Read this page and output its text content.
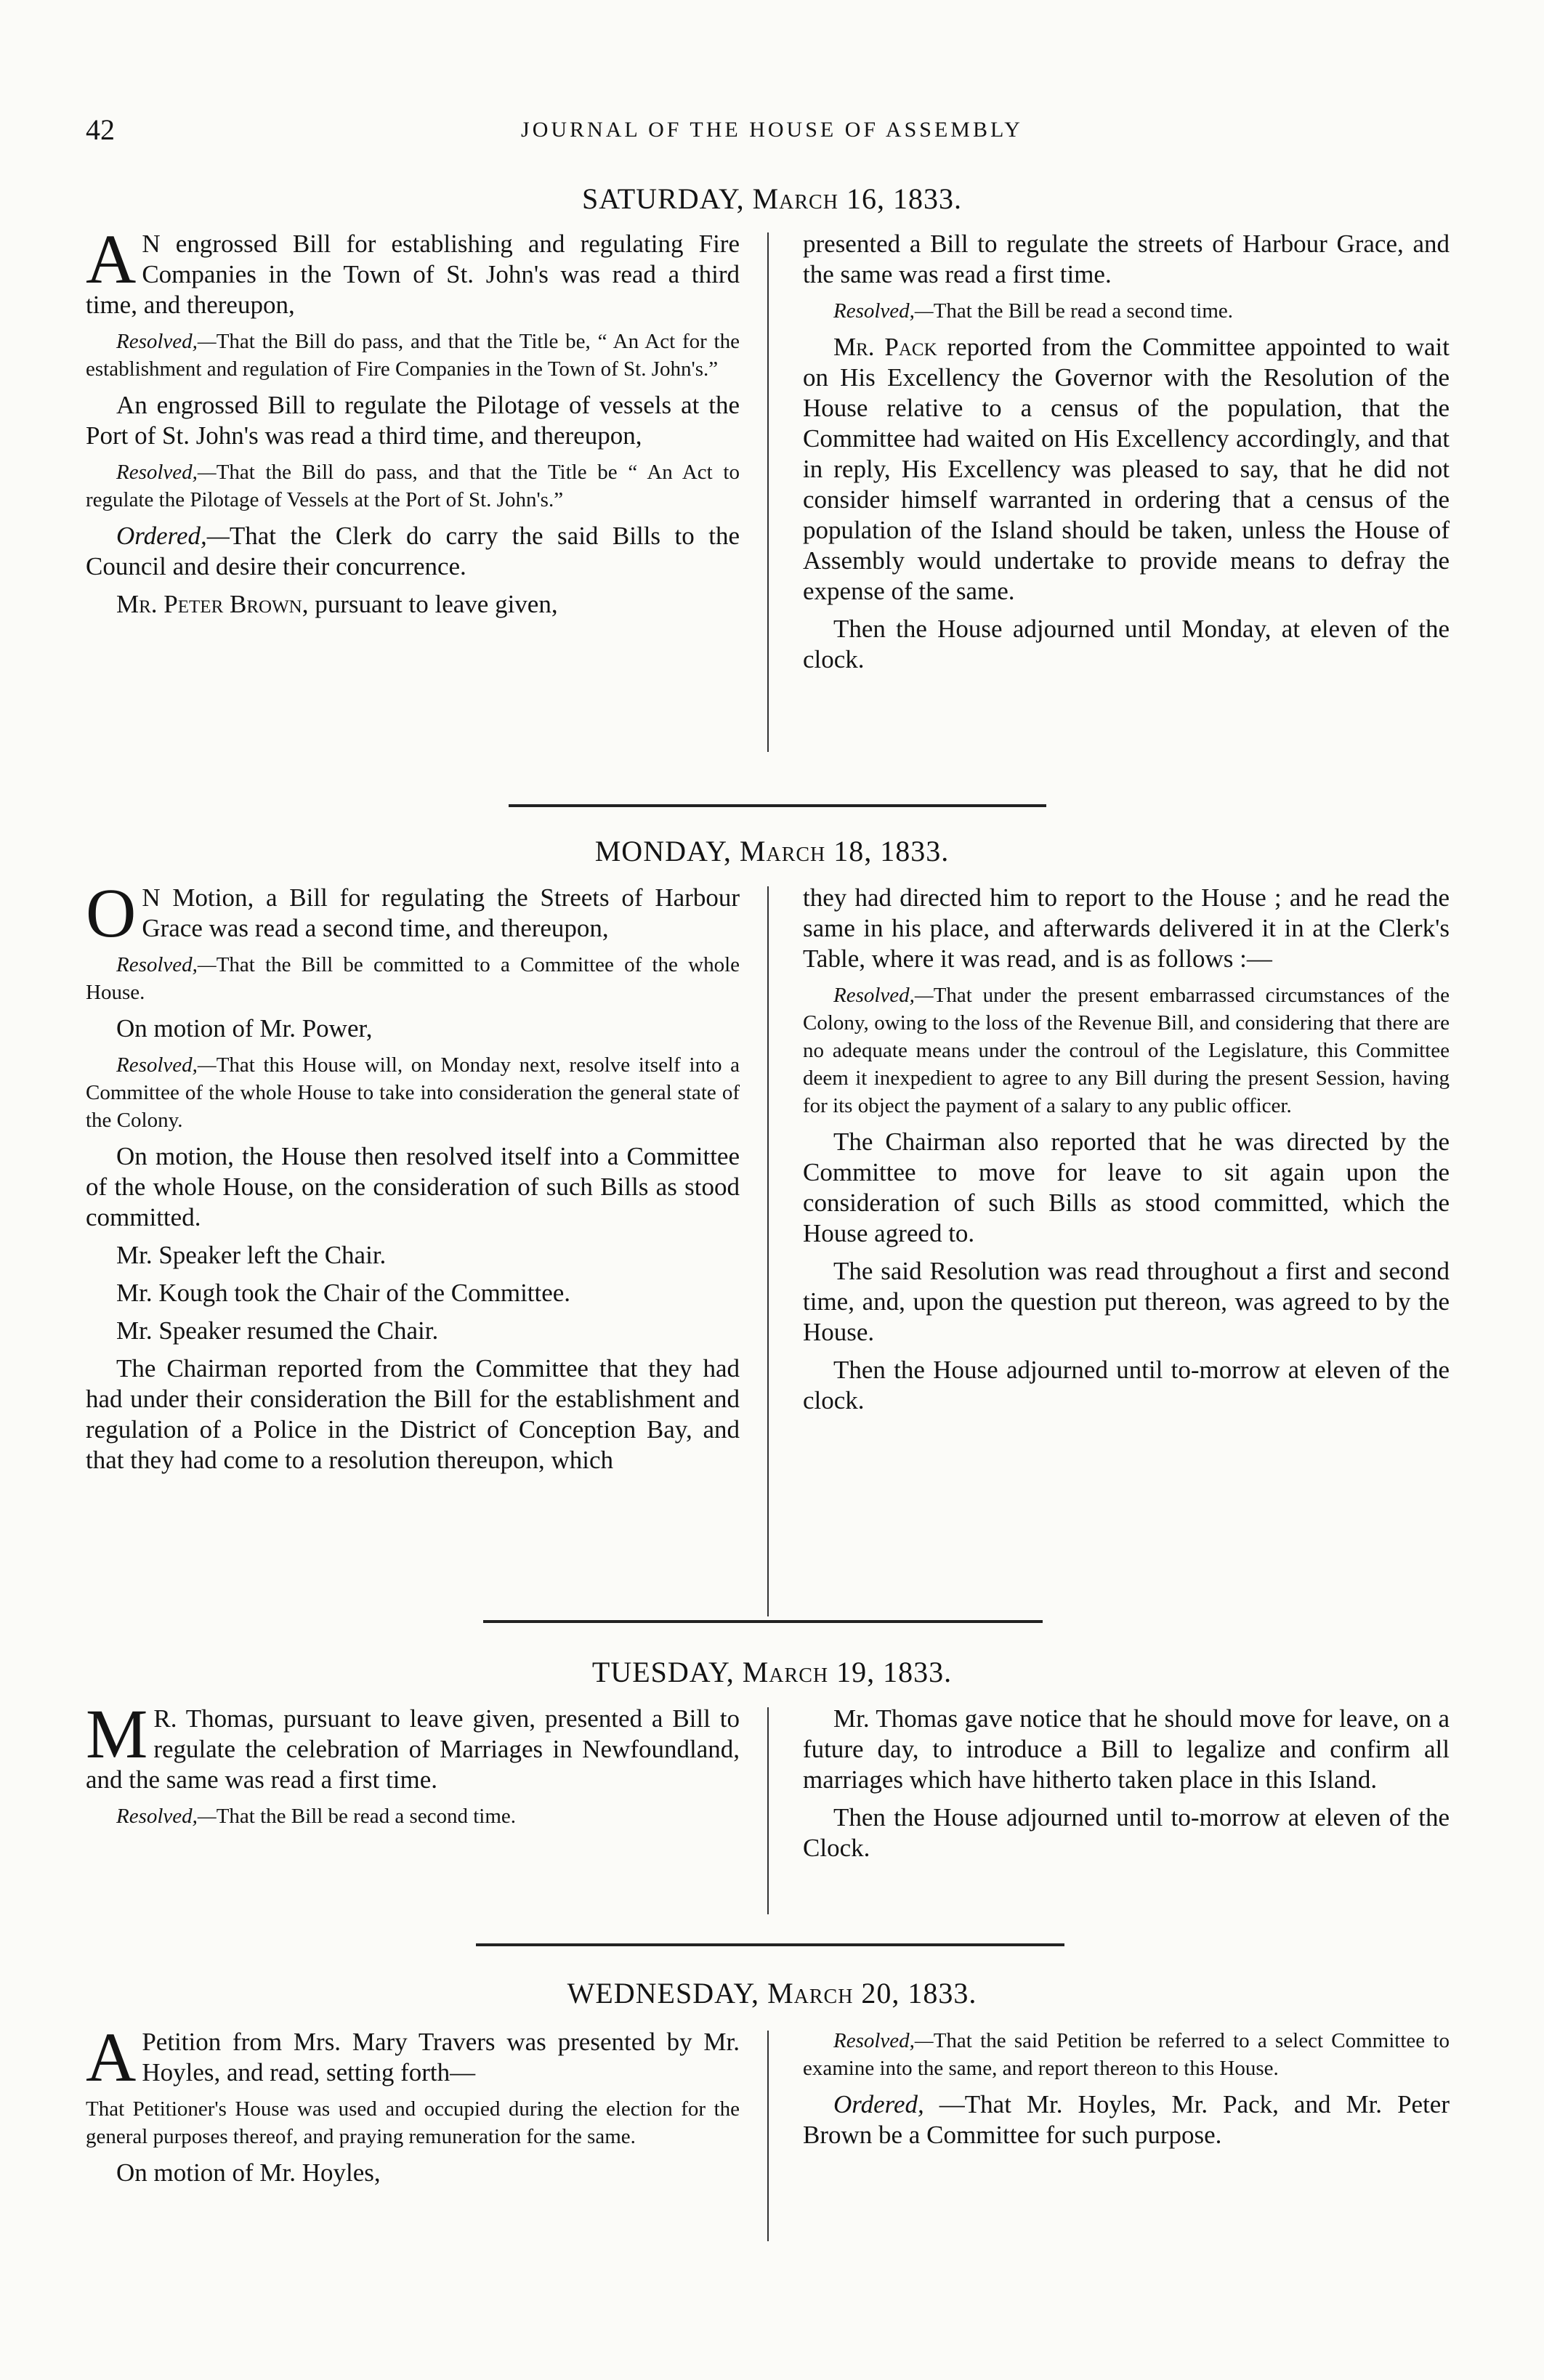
42	JOURNAL OF THE HOUSE OF ASSEMBLY
SATURDAY, March 16, 1833.

A N engrossed Bill for establishing and regulating Fire Companies in the Town of St. John's was read a third time, and thereupon,

Resolved,—That the Bill do pass, and that the Title be, “ An Act for the establishment and regulation of Fire Companies in the Town of St. John's.”

An engrossed Bill to regulate the Pilotage of vessels at the Port of St. John's was read a third time, and thereupon,

Resolved,—That the Bill do pass, and that the Title be “ An Act to regulate the Pilotage of Vessels at the Port of St. John's.”

Ordered,—That the Clerk do carry the said Bills to the Council and desire their concurrence.

Mr. Peter Brown, pursuant to leave given,

presented a Bill to regulate the streets of Harbour Grace, and the same was read a first time.

Resolved,—That the Bill be read a second time.

Mr. Pack reported from the Committee appointed to wait on His Excellency the Governor with the Resolution of the House relative to a census of the population, that the Committee had waited on His Excellency accordingly, and that in reply, His Excellency was pleased to say, that he did not consider himself warranted in ordering that a census of the population of the Island should be taken, unless the House of Assembly would undertake to provide means to defray the expense of the same.

Then the House adjourned until Monday, at eleven of the clock.

MONDAY, March 18, 1833.

O N Motion, a Bill for regulating the Streets of Harbour Grace was read a second time, and thereupon,

Resolved,—That the Bill be committed to a Committee of the whole House.

On motion of Mr. Power,

Resolved,—That this House will, on Monday next, resolve itself into a Committee of the whole House to take into consideration the general state of the Colony.

On motion, the House then resolved itself into a Committee of the whole House, on the consideration of such Bills as stood committed.

Mr. Speaker left the Chair.

Mr. Kough took the Chair of the Committee.

Mr. Speaker resumed the Chair.

The Chairman reported from the Committee that they had had under their consideration the Bill for the establishment and regulation of a Police in the District of Conception Bay, and that they had come to a resolution thereupon, which

they had directed him to report to the House ; and he read the same in his place, and afterwards delivered it in at the Clerk's Table, where it was read, and is as follows :—

Resolved,—That under the present embarrassed circumstances of the Colony, owing to the loss of the Revenue Bill, and considering that there are no adequate means under the controul of the Legislature, this Committee deem it inexpedient to agree to any Bill during the present Session, having for its object the payment of a salary to any public officer.

The Chairman also reported that he was directed by the Committee to move for leave to sit again upon the consideration of such Bills as stood committed, which the House agreed to.

The said Resolution was read throughout a first and second time, and, upon the question put thereon, was agreed to by the House.

Then the House adjourned until to-morrow at eleven of the clock.

TUESDAY, March 19, 1833.

M R. Thomas, pursuant to leave given, presented a Bill to regulate the celebration of Marriages in Newfoundland, and the same was read a first time.

Resolved,—That the Bill be read a second time.

Mr. Thomas gave notice that he should move for leave, on a future day, to introduce a Bill to legalize and confirm all marriages which have hitherto taken place in this Island.

Then the House adjourned until to-morrow at eleven of the Clock.

WEDNESDAY, March 20, 1833.

A Petition from Mrs. Mary Travers was presented by Mr. Hoyles, and read, setting forth—

That Petitioner's House was used and occupied during the election for the general purposes thereof, and praying remuneration for the same.

On motion of Mr. Hoyles,

Resolved,—That the said Petition be referred to a select Committee to examine into the same, and report thereon to this House.

Ordered, —That Mr. Hoyles, Mr. Pack, and Mr. Peter Brown be a Committee for such purpose.
